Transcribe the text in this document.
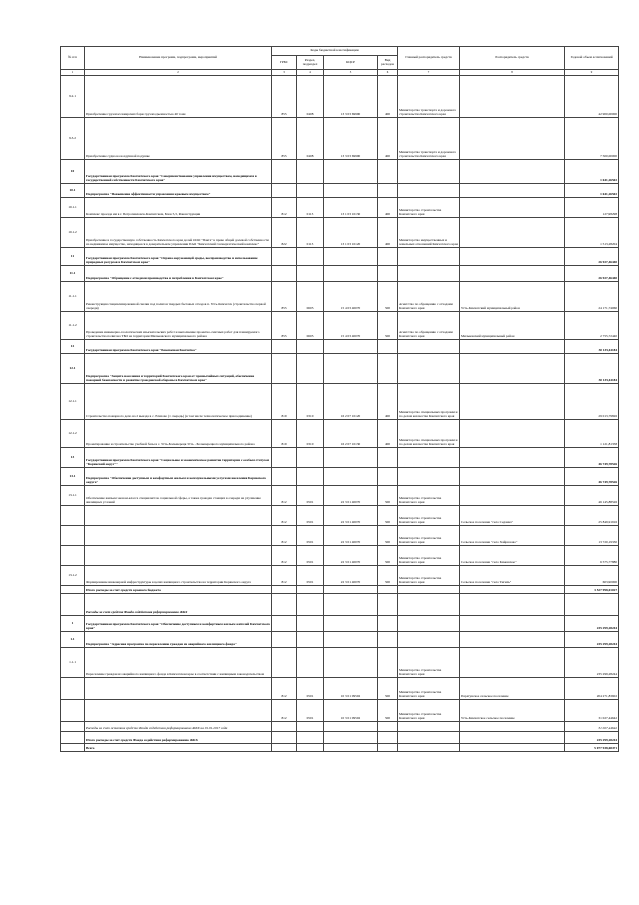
№ п/п	Наименование программ, подпрограмм, мероприятий	Коды бюджетной классификации				Главный распорядитель средств	Распорядитель средств	Годовой объем ассигнований
		ГРБС	Раздел, подраздел	КЦСР	Вид расходов			
1	2	3	4	5	6	7	8	9
9.2.1	Приобретение грузопассажирских барж грузоподъемностью 40 тонн	855	0408	13 3 03 69990	400	Министерство транспорта и дорожного строительства Камчатского края		42 900,00000
9.3.2	Приобретение судна на воздушной подушке	855	0408	13 3 03 69990	400	Министерство транспорта и дорожного строительства Камчатского края		7 500,00000
10	Государственная программа Камчатского края "Совершенствование управления имуществом, находящимся в государственной собственности Камчатского края"							1 641,26502
10.1	Подпрограмма "Повышение эффективности управления краевым имуществом"							1 641,26502
10.1.1	Комплекс проезда им в г. Петропавловск-Камчатском, Блок 5,3, Реконструкция	812	0113	13 1 03 10130	400	Министерство строительства Камчатского края		127,98298
10.1.2	Приобретение в государственную собственность Камчатского края долей ООО "Пакта" в праве общей долевой собственности на недвижимое имущество, находящееся в доверительном управлении ПАО "Камчатский газэнергетический комплекс"	822	0113	13 1 03 10120	400	Министерство имущественных и земельных отношений Камчатского края		1 513,28204
11	Государственная программа Камчатского края "Охрана окружающей среды, воспроизводство и использование природных ресурсов в Камчатском крае"							26 927,46440
11.1	Подпрограмма "Обращение с отходами производства и потребления в Камчатском крае"							26 927,46440
11.1.1	Реконструкция специализированной свалки под полигон твердых бытовых отходов п. Усть-Камчатск (строительство первой очереди)	855	0605	15 4 03 40070	500	Агентство по обращению с отходами Камчатского края	Усть-Камчатский муниципальный район	24 171,74060
11.1.2	Проведение инженерно-геологических изыскательских работ и выполнение проектно-сметных работ для планируемого строительства полигона ТБО на территории Мильковского муниципального района	855	0605	15 4 03 40070	500	Агентство по обращению с отходами Камчатского края	Мильковский муниципальный район	2 755,72440
12	Государственная программа Камчатского края "Безопасная Камчатка"							30 135,61184
12.1	Подпрограмма "Защита населения и территорий Камчатского края от чрезвычайных ситуаций, обеспечение пожарной безопасности и развитие гражданской обороны в Камчатском крае"							30 135,61184
12.1.1	Строительство пожарного депо на 2 выезда в с. Елизово (1 очередь) (в том числе технологическое присоединение)	819	0310	16 2 07 10120	400	Министерство специальных программ и по делам казачества Камчатского края		29 013,79826
12.1.2	Проектирование и строительство учебной базы в с. Усть-Большерецк Усть - Большерецкого муниципального района	819	0310	16 2 07 10130	400	Министерство специальных программ и по делам казачества Камчатского края		1 121,81358
13	Государственная программа Камчатского края "Социальное и экономическое развитие территории с особым статусом "Корякский округ""							46 749,78526
13.1	Подпрограмма "Обеспечение доступным и комфортным жильем и коммунальными услугами населения Корякского округа"							46 749,78526
13.1.1	Обеспечение жильем эконом-класса специалистов социальной сферы, а также граждан стоящих в очереди на улучшение жилищных условий	812	0501	22 3 01 40070	500	Министерство строительства Камчатского края		46 145,88526
		812	0501	22 3 01 40070	500	Министерство строительства Камчатского края	Сельское поселение "село Седанка"	25 849,91916
		812	0501	22 3 01 40070	500	Министерство строительства Камчатского края	Сельское поселение "село Хайрюзово"	13 720,19330
		812	0501	22 3 01 40070	500	Министерство строительства Камчатского края	Сельское поселение "село Каменское"	6 575,77880
13.1.2	Формирование инженерной инфраструктуры в целях жилищного строительства на территории Корякского округа	812	0501	22 3 01 40070	500	Министерство строительства Камчатского края	Сельское поселение "село Тигиль"	603,90000
	Итого расходы за счет средств краевого бюджета							3 527 998,01027
	Расходы за счет средств Фонда содействия реформированию ЖКХ							
1	Государственная программа Камчатского края "Обеспечение доступным и комфортным жильем жителей Камчатского края"							235 299,28244
1.1	Подпрограмма "Адресная программа по переселению граждан из аварийного жилищного фонда"							235 299,28244
1.1.1	Переселение граждан из аварийного жилищного фонда в Камчатском крае в соответствии с жилищным законодательством					Министерство строительства Камчатского края		235 299,28244
		812	0501	10 3 01 09502	500	Министерство строительства Камчатского края	Паратунское сельское поселение	204 271,83602
		812	0501	10 3 01 09502	500	Министерство строительства Камчатского края	Усть-Камчатское сельское поселение	31 027,44642
	Расходы за счет остатков средств Фонда содействия реформированию ЖКХ на 01.01.2017 года							31 027,44642
	Итого расходы за счет средств Фонда содействия реформированию ЖКХ							235 299,28244
	Всего							5 077 938,68471
